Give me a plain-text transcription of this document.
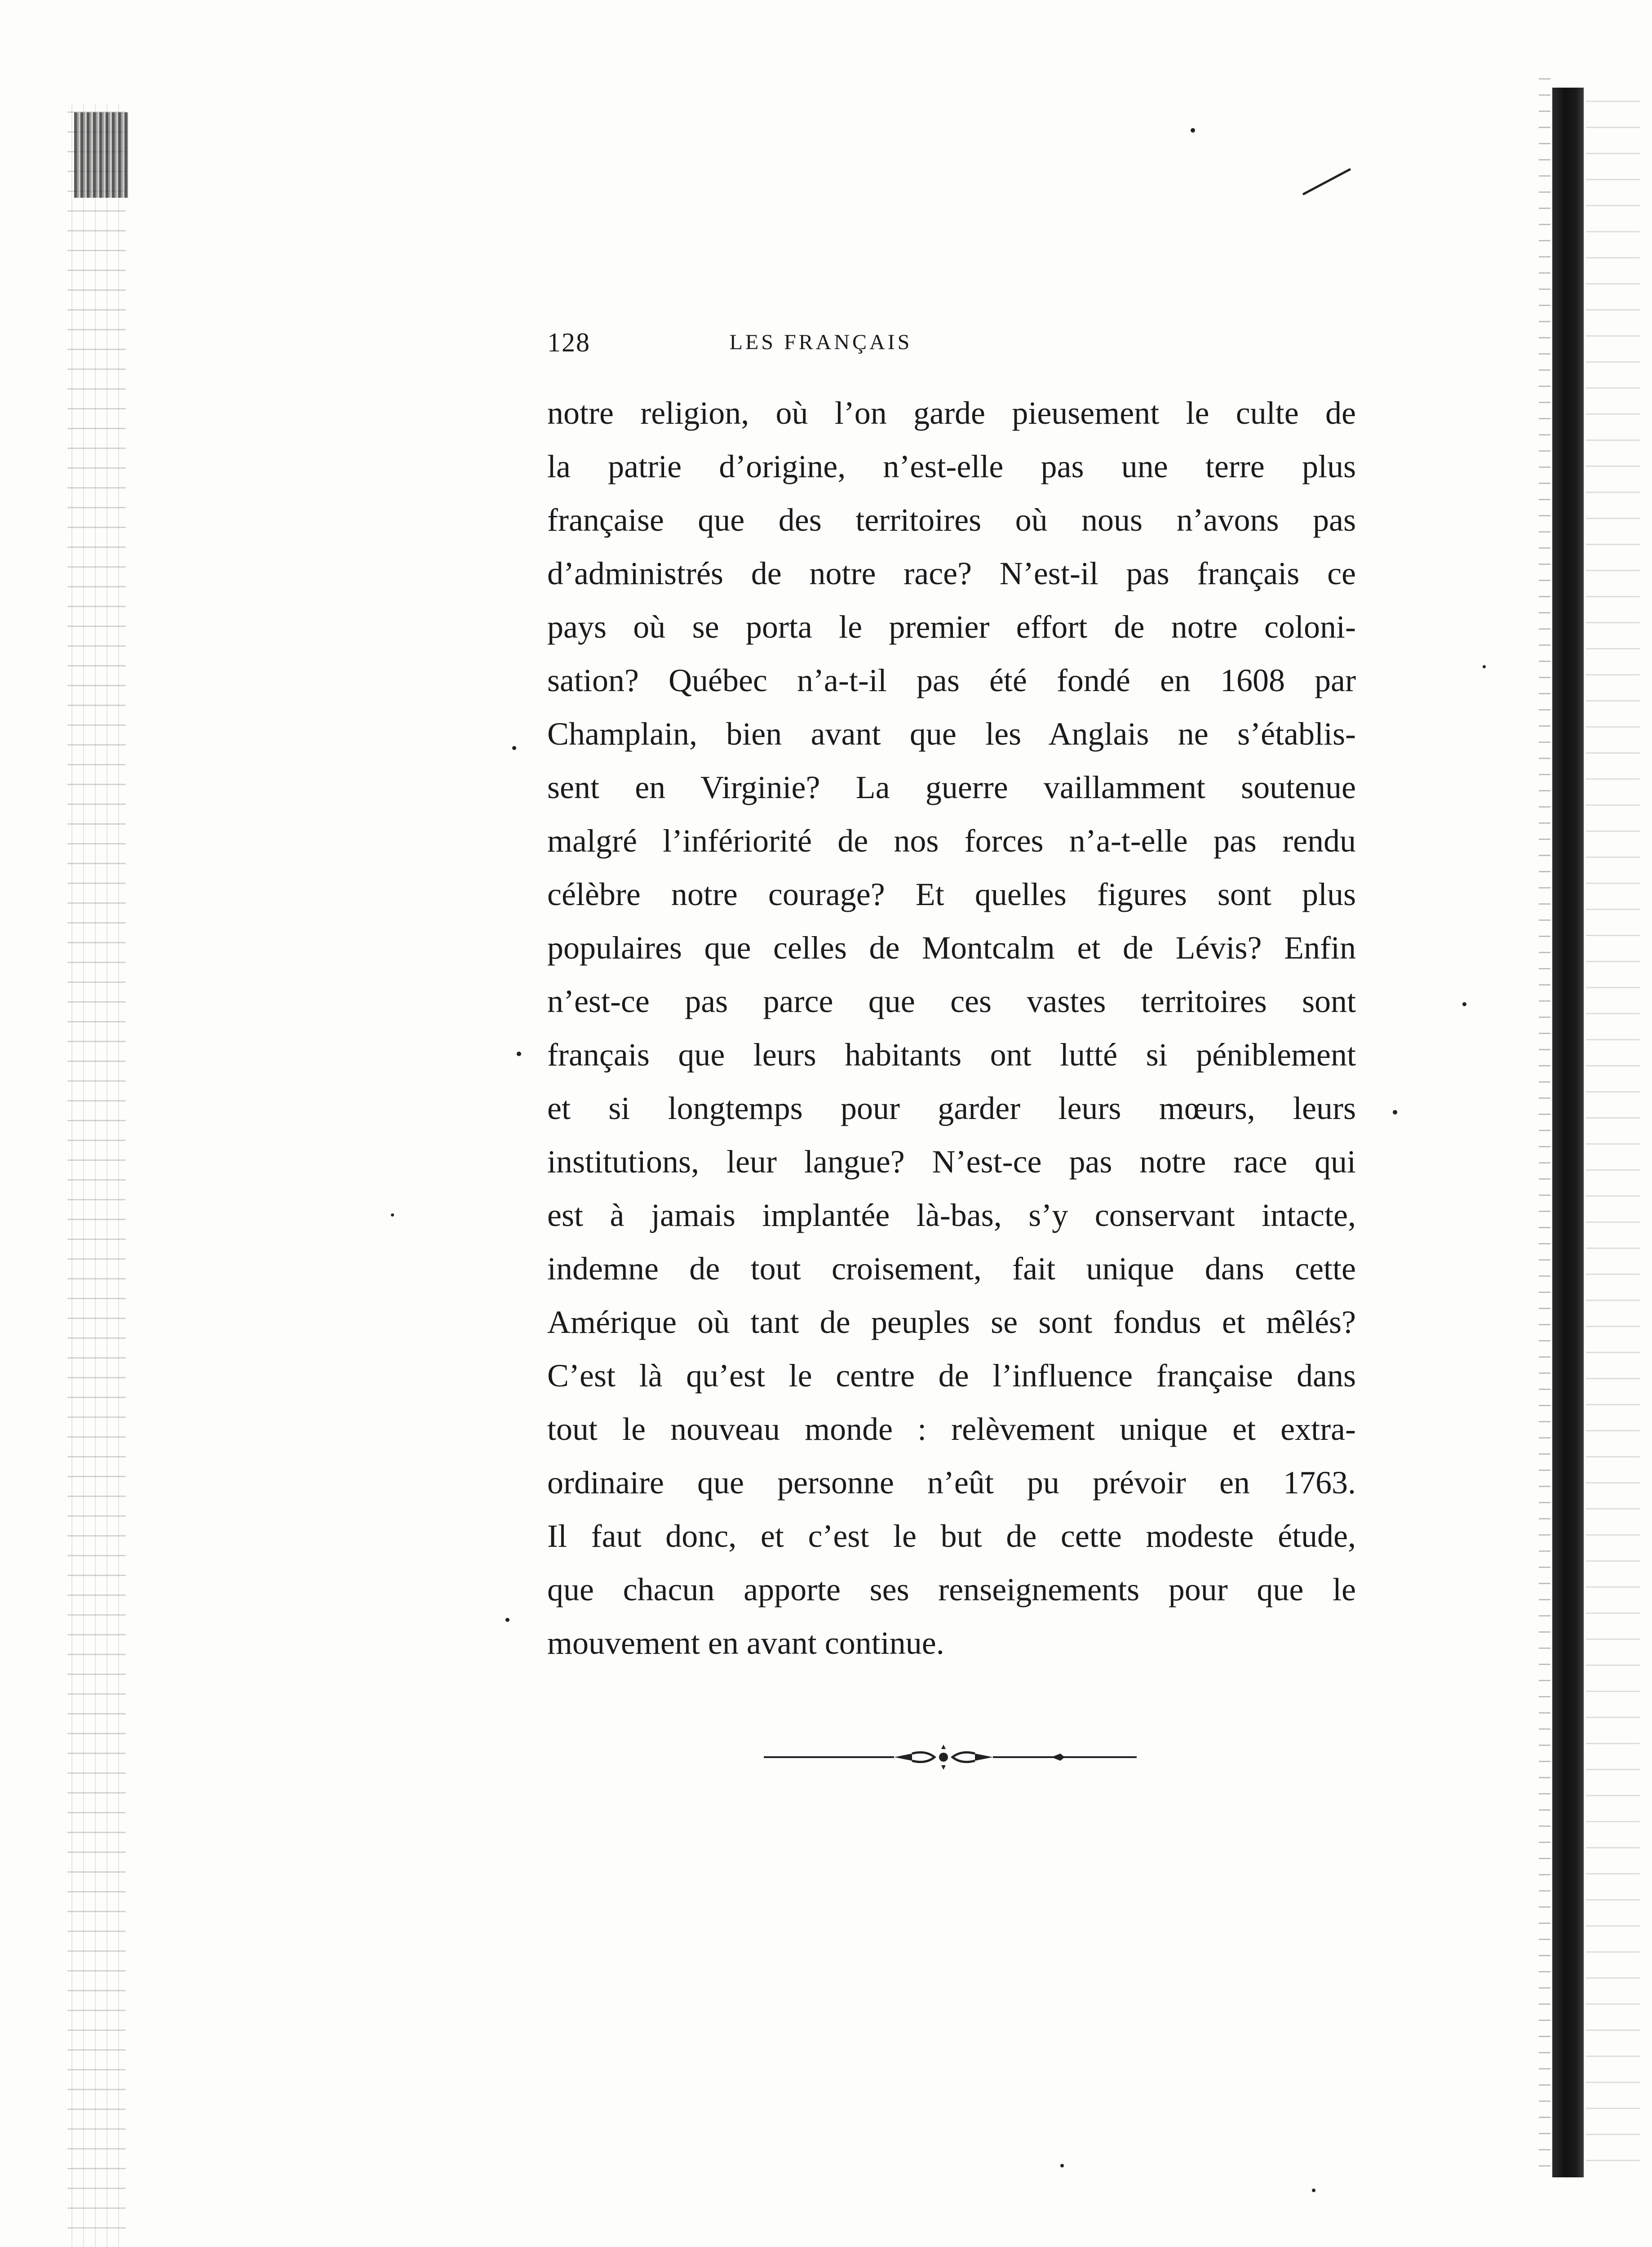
128	LES FRANÇAIS
notre religion, où l’on garde pieusement le culte de
la patrie d’origine, n’est-elle pas une terre plus
française que des territoires où nous n’avons pas
d’administrés de notre race? N’est-il pas français ce
pays où se porta le premier effort de notre coloni-
sation? Québec n’a-t-il pas été fondé en 1608 par
Champlain, bien avant que les Anglais ne s’établis-
sent en Virginie? La guerre vaillamment soutenue
malgré l’infériorité de nos forces n’a-t-elle pas rendu
célèbre notre courage? Et quelles figures sont plus
populaires que celles de Montcalm et de Lévis? Enfin
n’est-ce pas parce que ces vastes territoires sont
français que leurs habitants ont lutté si péniblement
et si longtemps pour garder leurs mœurs, leurs
institutions, leur langue? N’est-ce pas notre race qui
est à jamais implantée là-bas, s’y conservant intacte,
indemne de tout croisement, fait unique dans cette
Amérique où tant de peuples se sont fondus et mêlés?
C’est là qu’est le centre de l’influence française dans
tout le nouveau monde : relèvement unique et extra-
ordinaire que personne n’eût pu prévoir en 1763.
Il faut donc, et c’est le but de cette modeste étude,
que chacun apporte ses renseignements pour que le
mouvement en avant continue.
